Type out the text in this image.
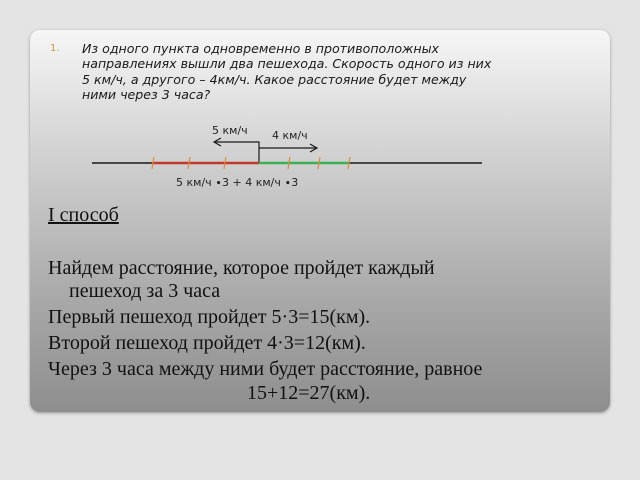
1. Из одного пункта одновременно в противоположных
направлениях вышли два пешехода. Скорость одного из них
5 км/ч, а другого – 4км/ч. Какое расстояние будет между
ними через 3 часа?
5 км/ч 4 км/ч
5 км/ч ∙3 + 4 км/ч ∙3
I способ
Найдем расстояние, которое пройдет каждый
пешеход за 3 часа
Первый пешеход пройдет 5·3=15(км).
Второй пешеход пройдет 4·3=12(км).
Через 3 часа между ними будет расстояние, равное
15+12=27(км).
